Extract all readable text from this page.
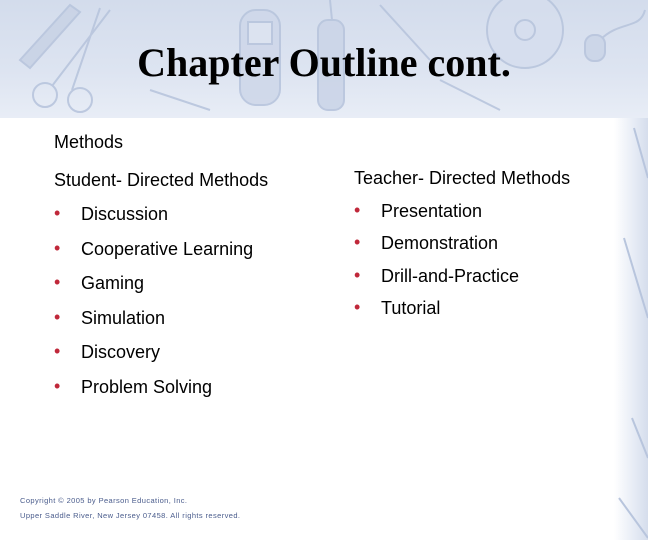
Chapter Outline cont.

Methods

Student- Directed Methods

• Discussion
• Cooperative Learning
• Gaming
• Simulation
• Discovery
• Problem Solving

Teacher- Directed Methods

• Presentation
• Demonstration
• Drill-and-Practice
• Tutorial

Copyright © 2005 by Pearson Education, Inc.

Upper Saddle River, New Jersey 07458. All rights reserved.
